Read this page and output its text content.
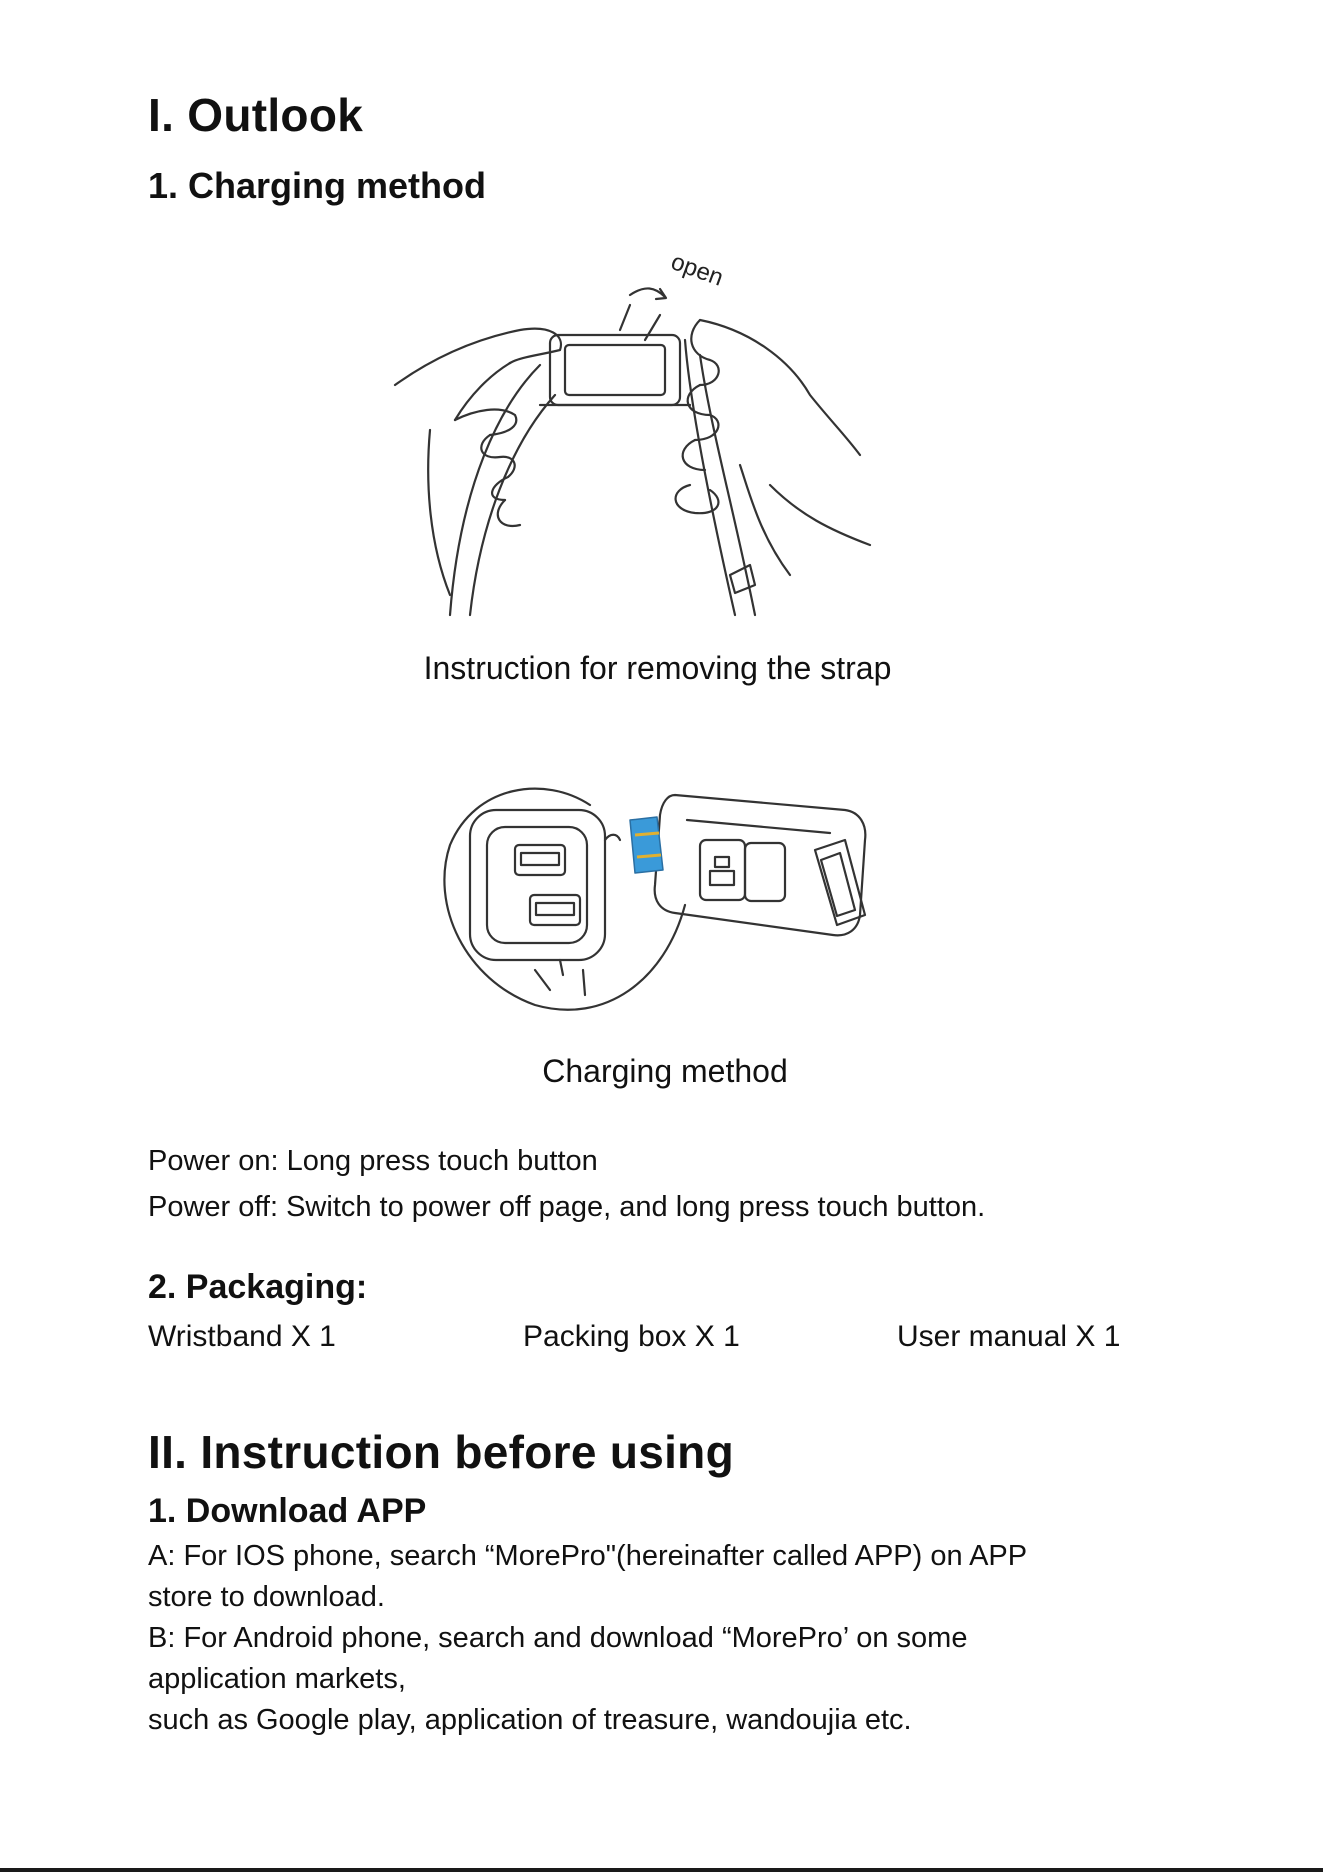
I. Outlook
1. Charging method
open

Instruction for removing the strap

Charging method

Power on: Long press touch button

Power off: Switch to power off page, and long press touch button.

2. Packaging:
Wristband X 1	Packing box X 1	User manual X 1
II. Instruction before using
1. Download APP

A: For IOS phone, search “MorePro"(hereinafter called APP) on APP

store to download.

B: For Android phone, search and download “MorePro’ on some

application markets,

such as Google play, application of treasure, wandoujia etc.
